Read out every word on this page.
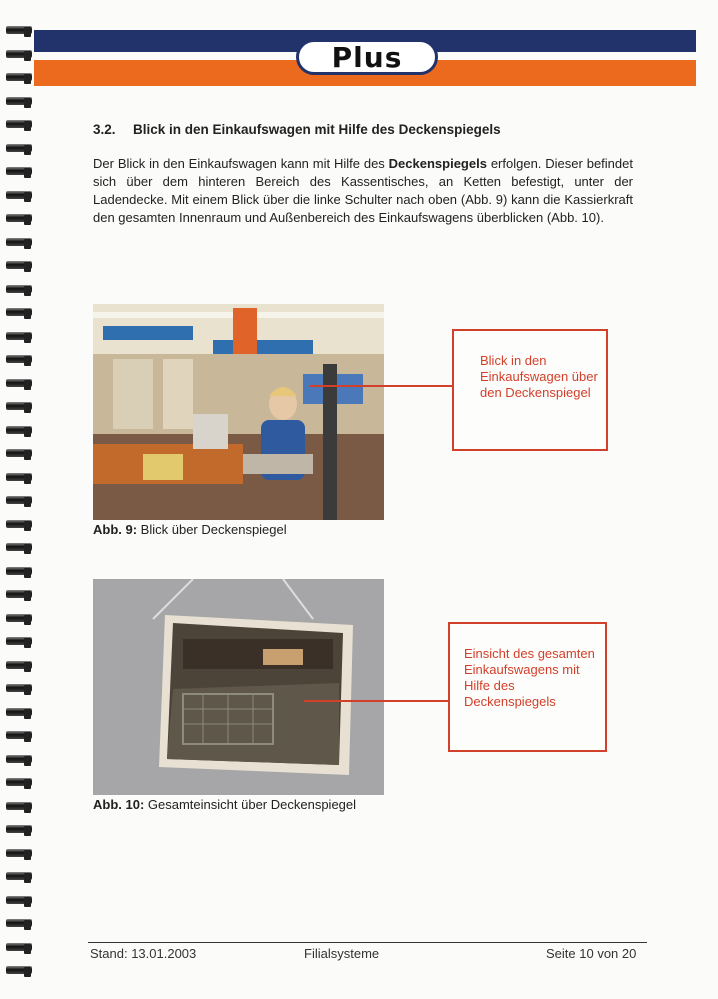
Plus
3.2. Blick in den Einkaufswagen mit Hilfe des Deckenspiegels
Der Blick in den Einkaufswagen kann mit Hilfe des Deckenspiegels erfolgen. Dieser befindet sich über dem hinteren Bereich des Kassentisches, an Ketten befestigt, unter der Ladendecke. Mit einem Blick über die linke Schulter nach oben (Abb. 9) kann die Kassierkraft den gesamten Innenraum und Außenbereich des Einkaufswagens überblicken (Abb. 10).
Abb. 9: Blick über Deckenspiegel
Blick in den Einkaufswagen über den Deckenspiegel
Abb. 10: Gesamteinsicht über Deckenspiegel
Einsicht des gesamten Einkaufswagens mit Hilfe des Deckenspiegels
Stand: 13.01.2003	Filialsysteme	Seite 10 von 20
